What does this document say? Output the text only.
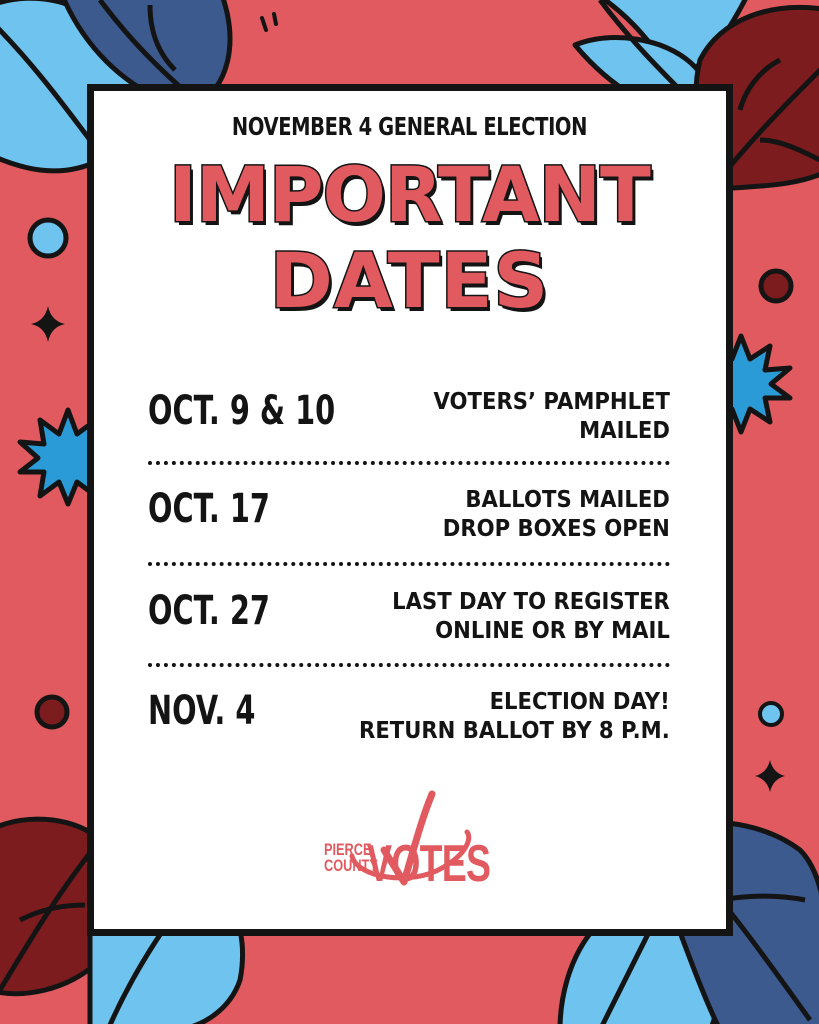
NOVEMBER 4 GENERAL ELECTION
IMPORTANT
DATES
OCT. 9 & 10	VOTERS’ PAMPHLET
MAILED
OCT. 17	BALLOTS MAILED
DROP BOXES OPEN
OCT. 27	LAST DAY TO REGISTER
ONLINE OR BY MAIL
NOV. 4	ELECTION DAY!
RETURN BALLOT BY 8 P.M.
PIERCE
COUNTY
VOTES
